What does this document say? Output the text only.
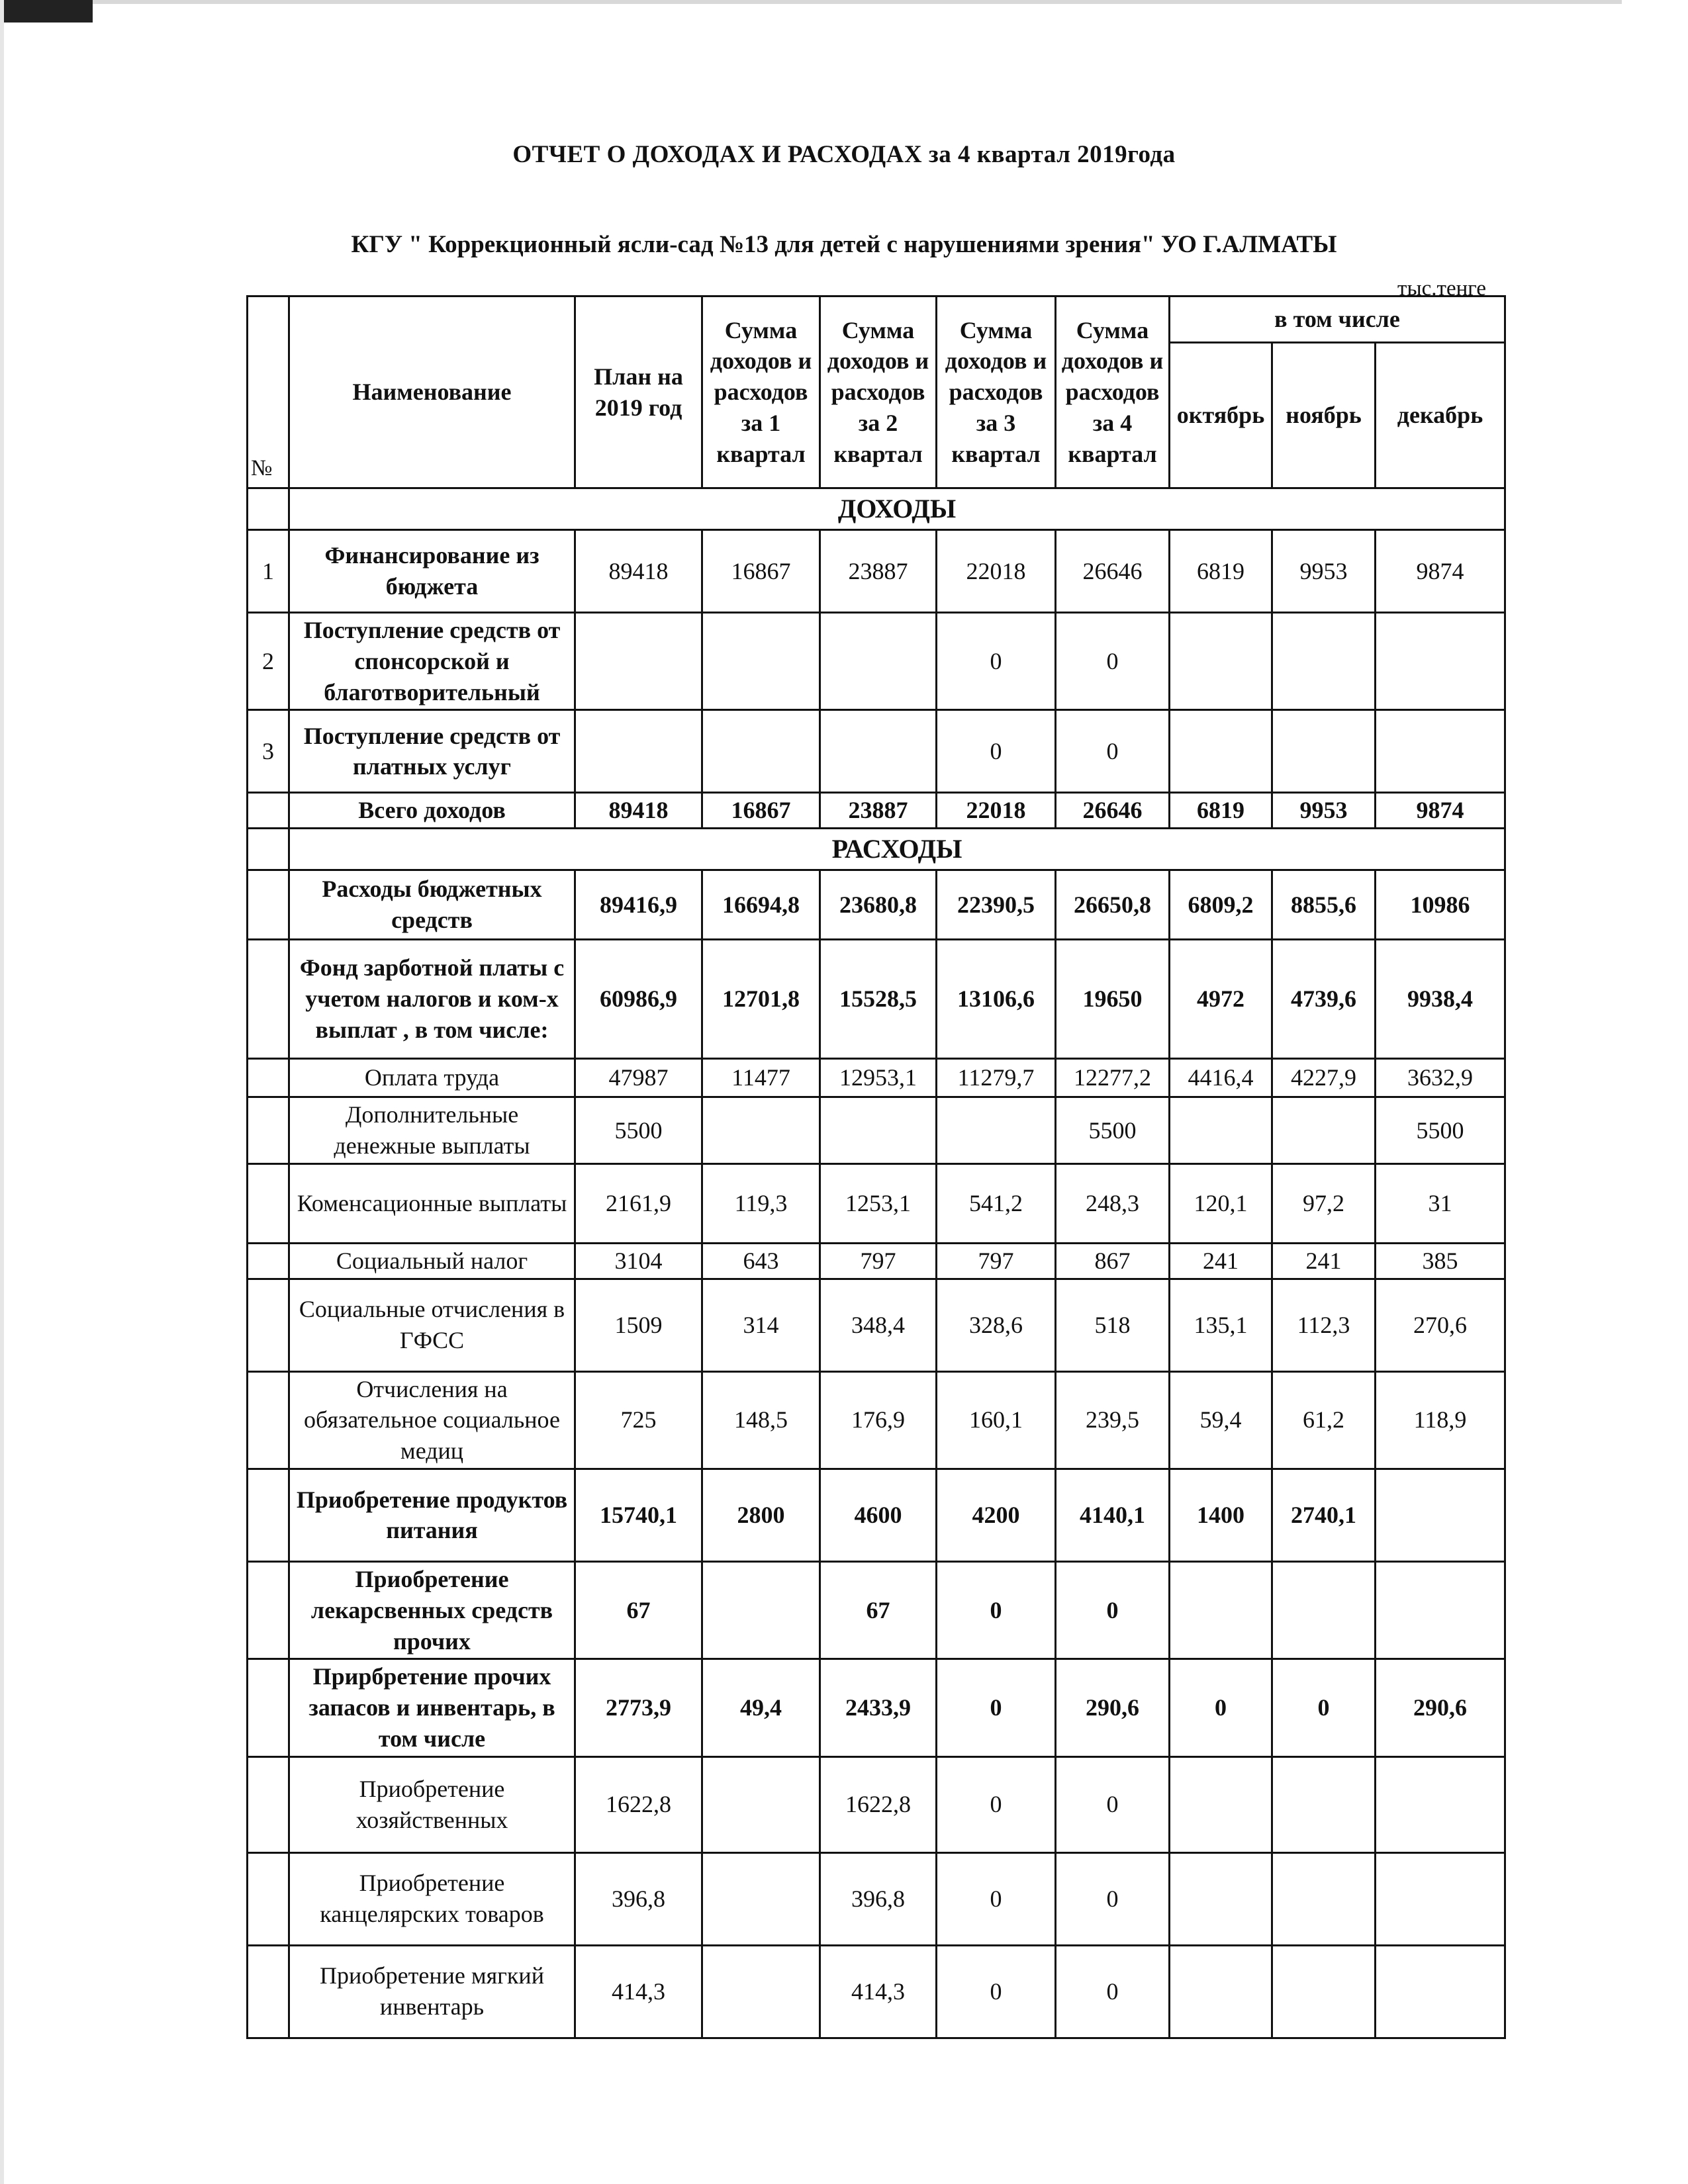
ОТЧЕТ О ДОХОДАХ И РАСХОДАХ за 4 квартал 2019года
КГУ " Коррекционный ясли-сад №13 для детей с нарушениями зрения" УО Г.АЛМАТЫ
тыс.тенге
№	Наименование	План на 2019 год	Сумма доходов и расходов за 1 квартал	Сумма доходов и расходов за 2 квартал	Сумма доходов и расходов за 3 квартал	Сумма доходов и расходов за 4 квартал	в том числе		
							октябрь	ноябрь	декабрь
	ДОХОДЫ								
1	Финансирование из бюджета	89418	16867	23887	22018	26646	6819	9953	9874
2	Поступление средств от спонсорской и благотворительный				0	0			
3	Поступление средств от платных услуг				0	0			
	Всего доходов	89418	16867	23887	22018	26646	6819	9953	9874
	РАСХОДЫ								
	Расходы бюджетных средств	89416,9	16694,8	23680,8	22390,5	26650,8	6809,2	8855,6	10986
	Фонд зарботной платы с учетом налогов и ком-х выплат , в том числе:	60986,9	12701,8	15528,5	13106,6	19650	4972	4739,6	9938,4
	Оплата труда	47987	11477	12953,1	11279,7	12277,2	4416,4	4227,9	3632,9
	Дополнительные денежные выплаты	5500				5500			5500
	Коменсационные выплаты	2161,9	119,3	1253,1	541,2	248,3	120,1	97,2	31
	Социальный налог	3104	643	797	797	867	241	241	385
	Социальные отчисления в ГФСС	1509	314	348,4	328,6	518	135,1	112,3	270,6
	Отчисления на обязательное социальное медиц	725	148,5	176,9	160,1	239,5	59,4	61,2	118,9
	Приобретение продуктов питания	15740,1	2800	4600	4200	4140,1	1400	2740,1	
	Приобретение лекарсвенных средств прочих	67		67	0	0			
	Прирбретение прочих запасов и инвентарь, в том числе	2773,9	49,4	2433,9	0	290,6	0	0	290,6
	Приобретение хозяйственных	1622,8		1622,8	0	0			
	Приобретение канцелярских товаров	396,8		396,8	0	0			
	Приобретение мягкий инвентарь	414,3		414,3	0	0			
